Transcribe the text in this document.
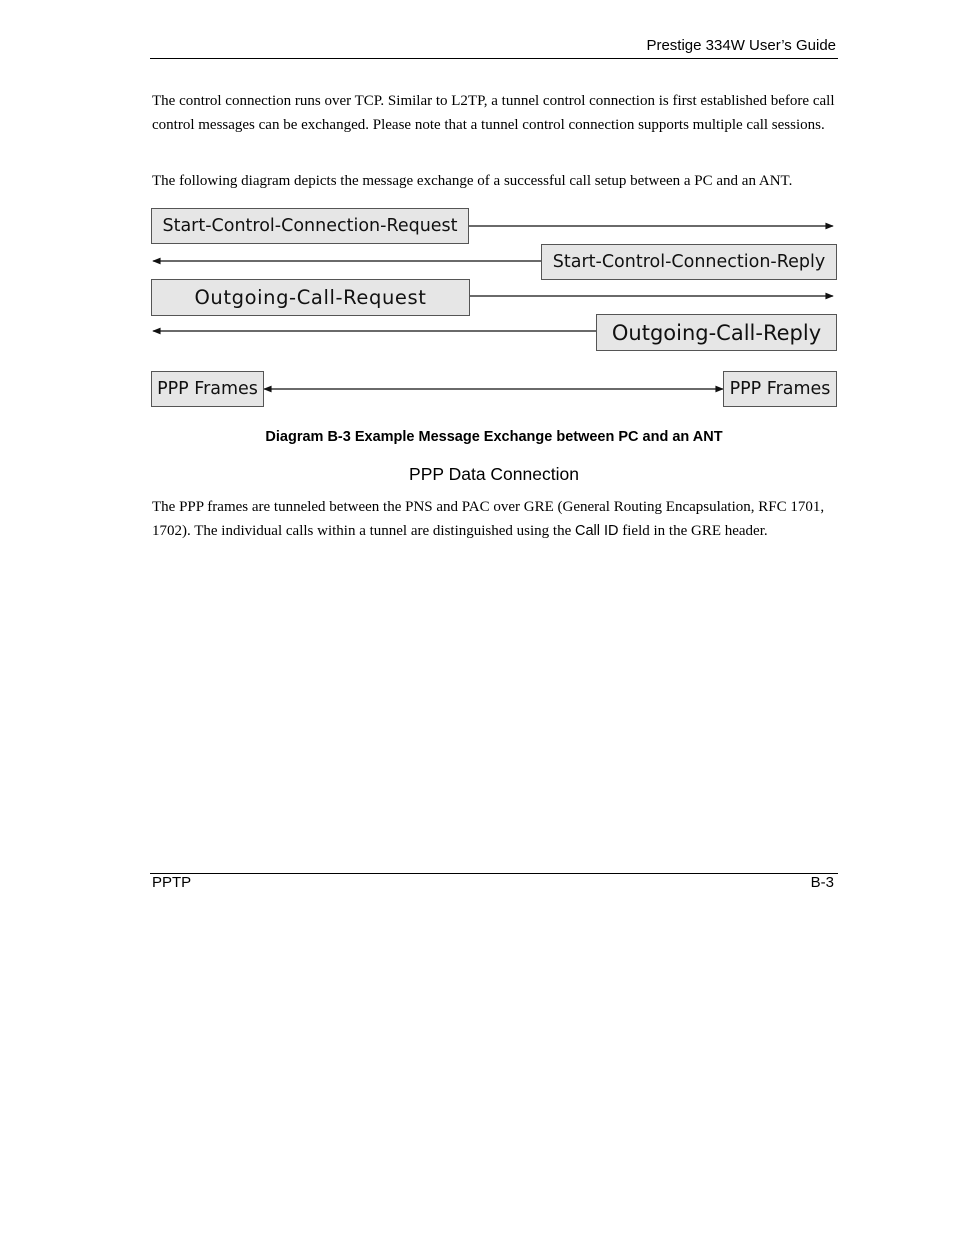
Prestige 334W User’s Guide
The control connection runs over TCP. Similar to L2TP, a tunnel control connection is first established before call control messages can be exchanged. Please note that a tunnel control connection supports multiple call sessions.
The following diagram depicts the message exchange of a successful call setup between a PC and an ANT.
Start-Control-Connection-Request
Start-Control-Connection-Reply
Outgoing-Call-Request
Outgoing-Call-Reply
PPP Frames	PPP Frames
Diagram B-3 Example Message Exchange between PC and an ANT
PPP Data Connection
The PPP frames are tunneled between the PNS and PAC over GRE (General Routing Encapsulation, RFC 1701, 1702). The individual calls within a tunnel are distinguished using the Call ID field in the GRE header.
PPTP	B-3
